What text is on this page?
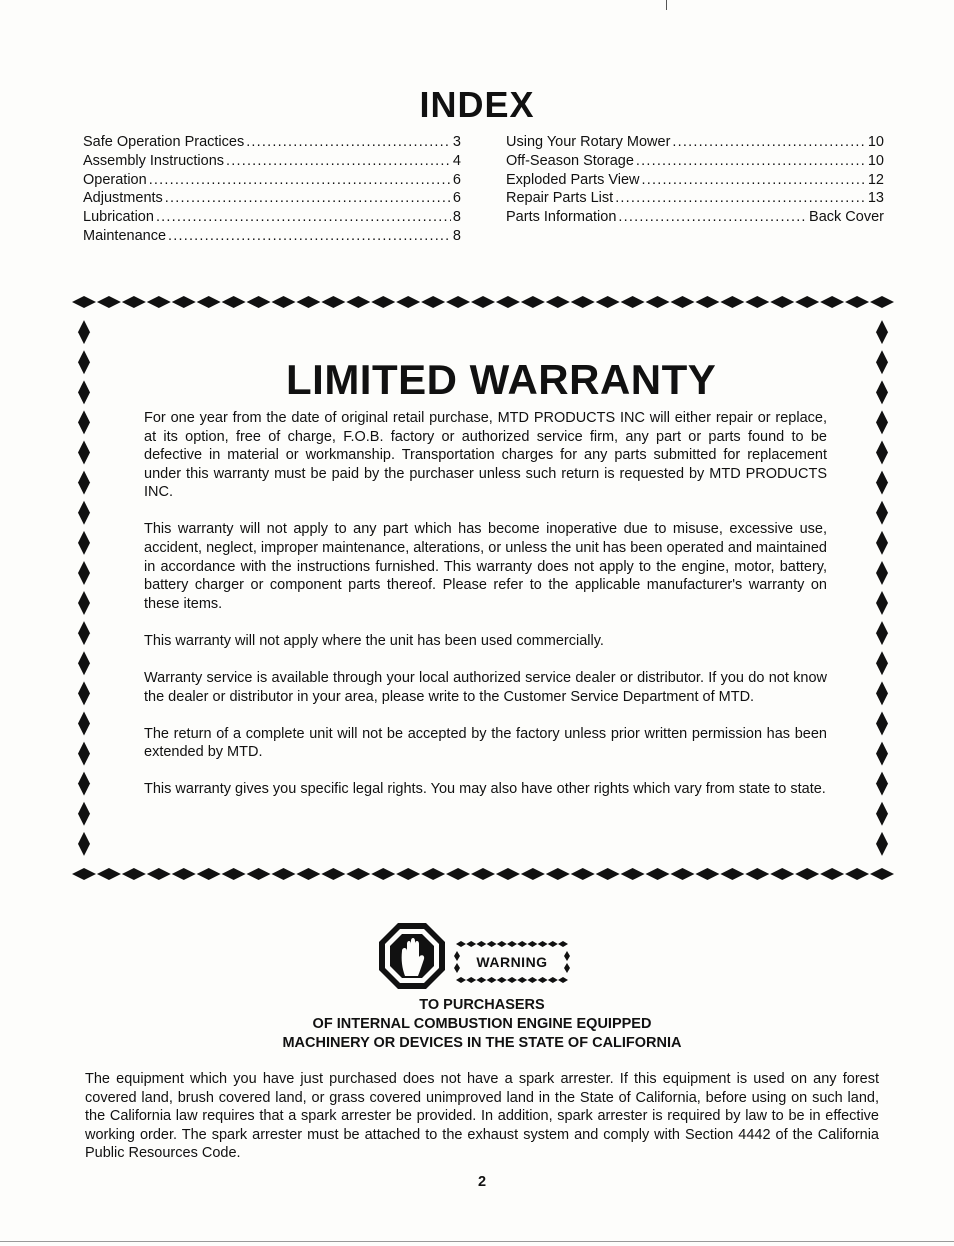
INDEX
Safe Operation Practices .....	3
Assembly Instructions .....	4
Operation .....	6
Adjustments .....	6
Lubrication .....	8
Maintenance .....	8
Using Your Rotary Mower .....	10
Off-Season Storage .....	10
Exploded Parts View .....	12
Repair Parts List .....	13
Parts Information .....	Back Cover
LIMITED WARRANTY

For one year from the date of original retail purchase, MTD PRODUCTS INC will either repair or replace, at its option, free of charge, F.O.B. factory or authorized service firm, any part or parts found to be defective in material or workmanship. Transportation charges for any parts submitted for replacement under this warranty must be paid by the purchaser unless such return is requested by MTD PRODUCTS INC.

This warranty will not apply to any part which has become inoperative due to misuse, excessive use, accident, neglect, improper maintenance, alterations, or unless the unit has been operated and maintained in accordance with the instructions furnished. This warranty does not apply to the engine, motor, battery, battery charger or component parts thereof. Please refer to the applicable manufacturer's warranty on these items.

This warranty will not apply where the unit has been used commercially.

Warranty service is available through your local authorized service dealer or distributor. If you do not know the dealer or distributor in your area, please write to the Customer Service Department of MTD.

The return of a complete unit will not be accepted by the factory unless prior written permission has been extended by MTD.

This warranty gives you specific legal rights. You may also have other rights which vary from state to state.

WARNING
TO PURCHASERS
OF INTERNAL COMBUSTION ENGINE EQUIPPED
MACHINERY OR DEVICES IN THE STATE OF CALIFORNIA

The equipment which you have just purchased does not have a spark arrester. If this equipment is used on any forest covered land, brush covered land, or grass covered unimproved land in the State of California, before using on such land, the California law requires that a spark arrester be provided. In addition, spark arrester is required by law to be in effective working order. The spark arrester must be attached to the exhaust system and comply with Section 4442 of the California Public Resources Code.

2
